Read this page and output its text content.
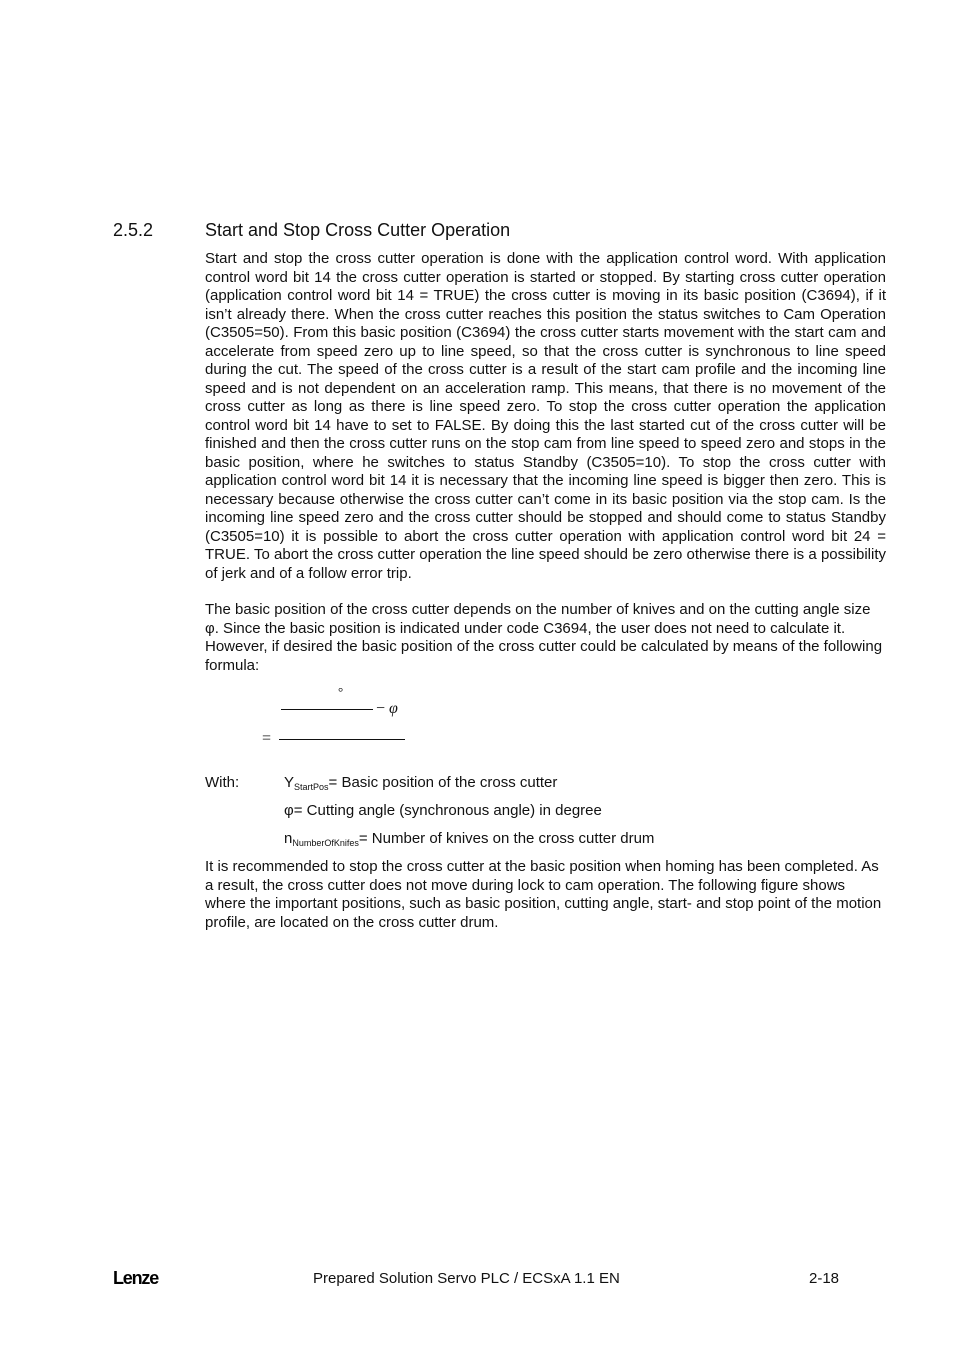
2.5.2	Start and Stop Cross Cutter Operation

Start and stop the cross cutter operation is done with the application control word. With application control word bit 14 the cross cutter operation is started or stopped. By starting cross cutter operation (application control word bit 14 = TRUE) the cross cutter is moving in its basic position (C3694), if it isn’t already there. When the cross cutter reaches this position the status switches to Cam Operation (C3505=50). From this basic position (C3694) the cross cutter starts movement with the start cam and accelerate from speed zero up to line speed, so that the cross cutter is synchronous to line speed during the cut. The speed of the cross cutter is a result of the start cam profile and the incoming line speed and is not dependent on an acceleration ramp. This means, that there is no movement of the cross cutter as long as there is line speed zero. To stop the cross cutter operation the application control word bit 14 have to set to FALSE. By doing this the last started cut of the cross cutter will be finished and then the cross cutter runs on the stop cam from line speed to speed zero and stops in the basic position, where he switches to status Standby (C3505=10). To stop the cross cutter with application control word bit 14 it is necessary that the incoming line speed is bigger then zero. This is necessary because otherwise the cross cutter can’t come in its basic position via the stop cam. Is the incoming line speed zero and the cross cutter should be stopped and should come to status Standby (C3505=10) it is possible to abort the cross cutter operation with application control word bit 24 = TRUE. To abort the cross cutter operation the line speed should be zero otherwise there is a possibility of jerk and of a follow error trip.

The basic position of the cross cutter depends on the number of knives and on the cutting angle size φ. Since the basic position is indicated under code C3694, the user does not need to calculate it. However, if desired the basic position of the cross cutter could be calculated by means of the following formula:

°
− φ
=
With:	$Y_{StartPos}=$ Basic position of the cross cutter
φ= Cutting angle (synchronous angle) in degree
$n_{NumberOfKnifes}=$ Number of knives on the cross cutter drum

It is recommended to stop the cross cutter at the basic position when homing has been completed. As a result, the cross cutter does not move during lock to cam operation. The following figure shows where the important positions, such as basic position, cutting angle, start- and stop point of the motion profile, are located on the cross cutter drum.

Lenze	Prepared Solution Servo PLC / ECSxA 1.1 EN	2-18
